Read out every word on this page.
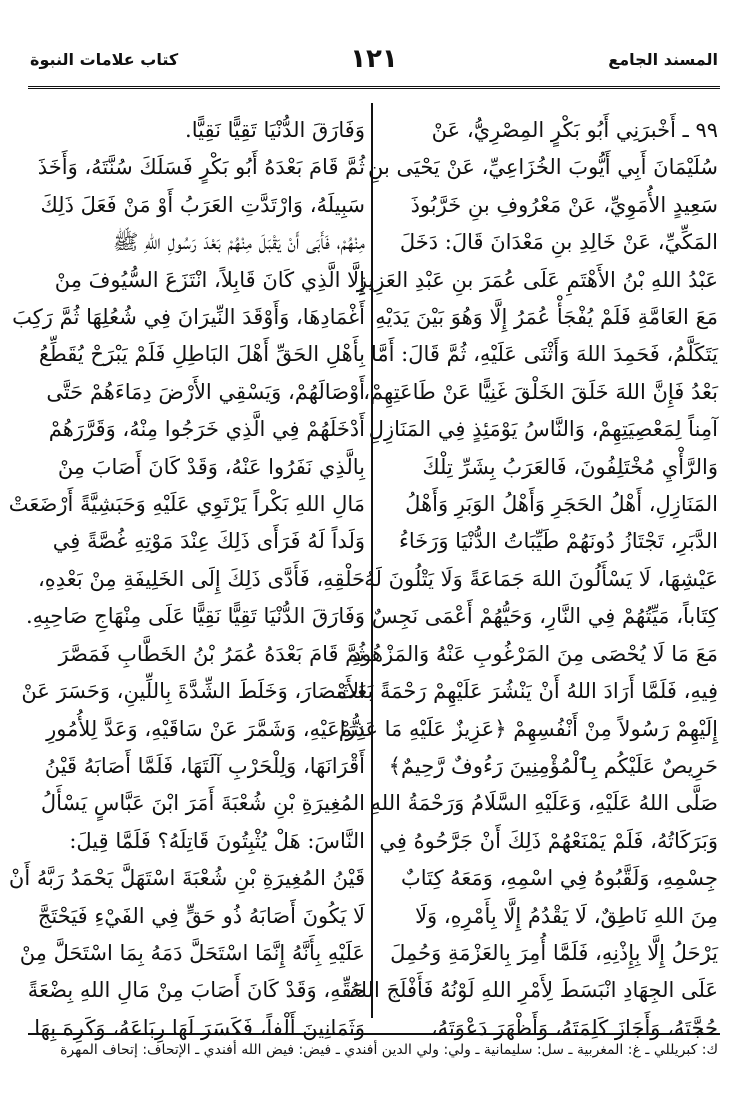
المسند الجامع
١٢١
كتاب علامات النبوة
٩٩ ـ أَخْبرَنِي أَبُو بَكْرٍ المِصْرِيُّ، عَنْ
سُلَيْمَانَ أَبِي أَيُّوبَ الخُزَاعِيِّ، عَنْ يَحْيَى بنِ
سَعِيدٍ الأُمَوِيِّ، عَنْ مَعْرُوفِ بنِ خَرَّبُوذَ
المَكِّيِّ، عَنْ خَالِدِ بنِ مَعْدَانَ قَالَ: دَخَلَ
عَبْدُ اللهِ بْنُ الأَهْتَمِ عَلَى عُمَرَ بنِ عَبْدِ العَزِيزِ
مَعَ العَامَّةِ فَلَمْ يُفْجَأْ عُمَرُ إِلَّا وَهُوَ بَيْنَ يَدَيْهِ
يَتَكَلَّمُ، فَحَمِدَ اللهَ وَأَثْنَى عَلَيْهِ، ثُمَّ قَالَ: أَمَّا
بَعْدُ فَإِنَّ اللهَ خَلَقَ الخَلْقَ غَنِيًّا عَنْ طَاعَتِهِمْ،
آمِناً لِمَعْصِيَتِهِمْ، وَالنَّاسُ يَوْمَئِذٍ فِي المَنَازِلِ
وَالرَّأْيِ مُخْتَلِفُونَ، فَالعَرَبُ بِشَرِّ تِلْكَ
المَنَازِلِ، أَهْلُ الحَجَرِ وَأَهْلُ الوَبَرِ وَأَهْلُ
الدَّبَرِ، تَجْتَازُ دُونَهُمْ طَيِّبَاتُ الدُّنْيَا وَرَخَاءُ
عَيْشِهَا، لَا يَسْأَلُونَ اللهَ جَمَاعَةً وَلَا يَتْلُونَ لَهُ
كِتَاباً، مَيِّتُهُمْ فِي النَّارِ، وَحَيُّهُمْ أَعْمَى نَجِسٌ
مَعَ مَا لَا يُحْصَى مِنَ المَرْغُوبِ عَنْهُ وَالمَزْهُودِ
فِيهِ، فَلَمَّا أَرَادَ اللهُ أَنْ يَنْشُرَ عَلَيْهِمْ رَحْمَةً بَعَثَ
إِلَيْهِمْ رَسُولاً مِنْ أَنْفُسِهِمْ ﴿عَزِيزٌ عَلَيْهِ مَا عَنِتُّمْ
حَرِيصٌ عَلَيْكُم بِٱلْمُؤْمِنِينَ رَءُوفٌ رَّحِيمٌ﴾
صَلَّى اللهُ عَلَيْهِ، وَعَلَيْهِ السَّلَامُ وَرَحْمَةُ اللهِ
وَبَرَكَاتُهُ، فَلَمْ يَمْنَعْهُمْ ذَلِكَ أَنْ جَرَّحُوهُ فِي
جِسْمِهِ، وَلَقَّبُوهُ فِي اسْمِهِ، وَمَعَهُ كِتَابٌ
مِنَ اللهِ نَاطِقٌ، لَا يَقْدُمُ إِلَّا بِأَمْرِهِ، وَلَا
يَرْحَلُ إِلَّا بِإِذْنِهِ، فَلَمَّا أُمِرَ بِالعَزْمَةِ وَحُمِلَ
عَلَى الجِهَادِ انْبَسَطَ لِأَمْرِ اللهِ لَوْنُهُ فَأَفْلَجَ اللهُ
حُجَّتَهُ، وَأَجَازَ كَلِمَتَهُ، وَأَظْهَرَ دَعْوَتَهُ،
وَفَارَقَ الدُّنْيَا تَقِيًّا نَقِيًّا.
ثُمَّ قَامَ بَعْدَهُ أَبُو بَكْرٍ فَسَلَكَ سُنَّتَهُ، وَأَخَذَ
سَبِيلَهُ، وَارْتَدَّتِ العَرَبُ أَوْ مَنْ فَعَلَ ذَلِكَ
مِنْهُمْ، فَأَبَى أَنْ يَقْبَلَ مِنْهُمْ بَعْدَ رَسُولِ اللهِ ﷺ
إِلَّا الَّذِي كَانَ قَابِلاً، انْتَزَعَ السُّيُوفَ مِنْ
أَغْمَادِهَا، وَأَوْقَدَ النِّيرَانَ فِي شُعُلِهَا ثُمَّ رَكِبَ
بِأَهْلِ الحَقِّ أَهْلَ البَاطِلِ فَلَمْ يَبْرَحْ يُقَطِّعُ
أَوْصَالَهُمْ، وَيَسْقِي الأَرْضَ دِمَاءَهُمْ حَتَّى
أَدْخَلَهُمْ فِي الَّذِي خَرَجُوا مِنْهُ، وَقَرَّرَهُمْ
بِالَّذِي نَفَرُوا عَنْهُ، وَقَدْ كَانَ أَصَابَ مِنْ
مَالِ اللهِ بَكْراً يَرْتَوِي عَلَيْهِ وَحَبَشِيَّةً أَرْضَعَتْ
وَلَداً لَهُ فَرَأَى ذَلِكَ عِنْدَ مَوْتِهِ غُصَّةً فِي
حَلْقِهِ، فَأَدَّى ذَلِكَ إِلَى الخَلِيفَةِ مِنْ بَعْدِهِ،
وَفَارَقَ الدُّنْيَا تَقِيًّا نَقِيًّا عَلَى مِنْهَاجِ صَاحِبِهِ.
ثُمَّ قَامَ بَعْدَهُ عُمَرُ بْنُ الخَطَّابِ فَمَصَّرَ
الأَمْصَارَ، وَخَلَطَ الشِّدَّةَ بِاللِّينِ، وَحَسَرَ عَنْ
ذِرَاعَيْهِ، وَشَمَّرَ عَنْ سَاقَيْهِ، وَعَدَّ لِلأُمُورِ
أَقْرَانَهَا، وَلِلْحَرْبِ آلَتَهَا، فَلَمَّا أَصَابَهُ قَيْنُ
المُغِيرَةِ بْنِ شُعْبَةَ أَمَرَ ابْنَ عَبَّاسٍ يَسْأَلُ
النَّاسَ: هَلْ يُثْبِتُونَ قَاتِلَهُ؟ فَلَمَّا قِيلَ:
قَيْنُ المُغِيرَةِ بْنِ شُعْبَةَ اسْتَهَلَّ يَحْمَدُ رَبَّهُ أَنْ
لَا يَكُونَ أَصَابَهُ ذُو حَقٍّ فِي الفَيْءِ فَيَحْتَجَّ
عَلَيْهِ بِأَنَّهُ إِنَّمَا اسْتَحَلَّ دَمَهُ بِمَا اسْتَحَلَّ مِنْ
حَقِّهِ، وَقَدْ كَانَ أَصَابَ مِنْ مَالِ اللهِ بِضْعَةً
وَثَمَانِينَ أَلْفاً، فَكَسَرَ لَهَا رِبَاعَهُ، وَكَرِهَ بِهَا
ك: كبريللي ـ غ: المغربية ـ سل: سليمانية ـ ولي: ولي الدين أفندي ـ فيض: فيض الله أفندي ـ الإتحاف: إتحاف المهرة
